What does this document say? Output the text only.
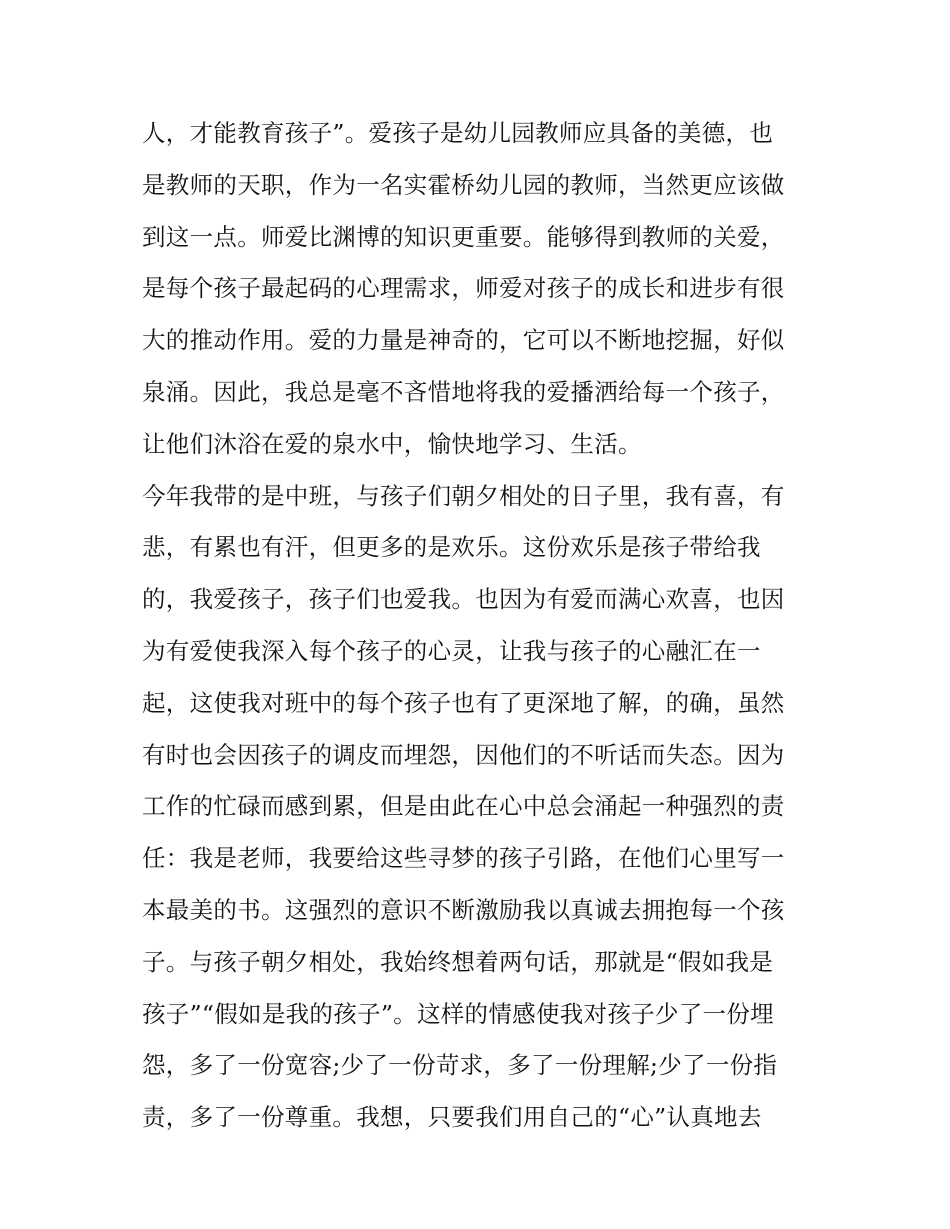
人，才能教育孩子”。爱孩子是幼儿园教师应具备的美德，也
是教师的天职，作为一名实霍桥幼儿园的教师，当然更应该做
到这一点。师爱比渊博的知识更重要。能够得到教师的关爱，
是每个孩子最起码的心理需求，师爱对孩子的成长和进步有很
大的推动作用。爱的力量是神奇的，它可以不断地挖掘，好似
泉涌。因此，我总是毫不吝惜地将我的爱播洒给每一个孩子，
让他们沐浴在爱的泉水中，愉快地学习、生活。
今年我带的是中班，与孩子们朝夕相处的日子里，我有喜，有
悲，有累也有汗，但更多的是欢乐。这份欢乐是孩子带给我
的，我爱孩子，孩子们也爱我。也因为有爱而满心欢喜，也因
为有爱使我深入每个孩子的心灵，让我与孩子的心融汇在一
起，这使我对班中的每个孩子也有了更深地了解，的确，虽然
有时也会因孩子的调皮而埋怨，因他们的不听话而失态。因为
工作的忙碌而感到累，但是由此在心中总会涌起一种强烈的责
任：我是老师，我要给这些寻梦的孩子引路，在他们心里写一
本最美的书。这强烈的意识不断激励我以真诚去拥抱每一个孩
子。与孩子朝夕相处，我始终想着两句话，那就是“假如我是
孩子”“假如是我的孩子”。这样的情感使我对孩子少了一份埋
怨，多了一份宽容;少了一份苛求，多了一份理解;少了一份指
责，多了一份尊重。我想，只要我们用自己的“心”认真地去
